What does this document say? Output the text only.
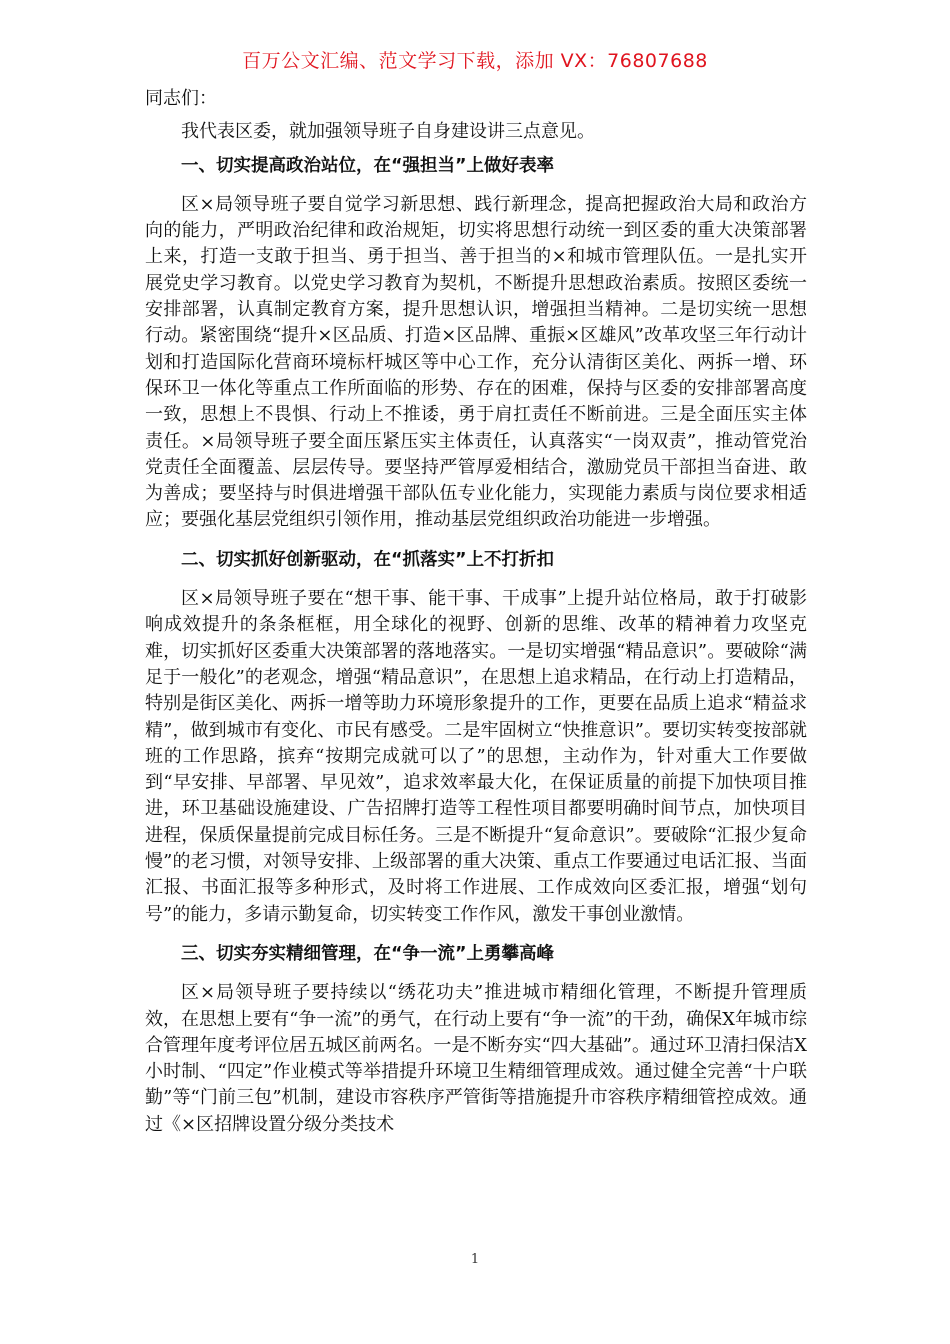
百万公文汇编、范文学习下载，添加 VX：76807688

同志们：

我代表区委，就加强领导班子自身建设讲三点意见。

一、切实提高政治站位，在“强担当”上做好表率

区×局领导班子要自觉学习新思想、践行新理念，提高把握政治大局和政治方向的能力，严明政治纪律和政治规矩，切实将思想行动统一到区委的重大决策部署上来，打造一支敢于担当、勇于担当、善于担当的×和城市管理队伍。一是扎实开展党史学习教育。以党史学习教育为契机，不断提升思想政治素质。按照区委统一安排部署，认真制定教育方案，提升思想认识，增强担当精神。二是切实统一思想行动。紧密围绕“提升×区品质、打造×区品牌、重振×区雄风”改革攻坚三年行动计划和打造国际化营商环境标杆城区等中心工作，充分认清街区美化、两拆一增、环保环卫一体化等重点工作所面临的形势、存在的困难，保持与区委的安排部署高度一致，思想上不畏惧、行动上不推诿，勇于肩扛责任不断前进。三是全面压实主体责任。×局领导班子要全面压紧压实主体责任，认真落实“一岗双责”，推动管党治党责任全面覆盖、层层传导。要坚持严管厚爱相结合，激励党员干部担当奋进、敢为善成；要坚持与时俱进增强干部队伍专业化能力，实现能力素质与岗位要求相适应；要强化基层党组织引领作用，推动基层党组织政治功能进一步增强。

二、切实抓好创新驱动，在“抓落实”上不打折扣

区×局领导班子要在“想干事、能干事、干成事”上提升站位格局，敢于打破影响成效提升的条条框框，用全球化的视野、创新的思维、改革的精神着力攻坚克难，切实抓好区委重大决策部署的落地落实。一是切实增强“精品意识”。要破除“满足于一般化”的老观念，增强“精品意识”，在思想上追求精品，在行动上打造精品，特别是街区美化、两拆一增等助力环境形象提升的工作，更要在品质上追求“精益求精”，做到城市有变化、市民有感受。二是牢固树立“快推意识”。要切实转变按部就班的工作思路，摈弃“按期完成就可以了”的思想，主动作为，针对重大工作要做到“早安排、早部署、早见效”，追求效率最大化，在保证质量的前提下加快项目推进，环卫基础设施建设、广告招牌打造等工程性项目都要明确时间节点，加快项目进程，保质保量提前完成目标任务。三是不断提升“复命意识”。要破除“汇报少复命慢”的老习惯，对领导安排、上级部署的重大决策、重点工作要通过电话汇报、当面汇报、书面汇报等多种形式，及时将工作进展、工作成效向区委汇报，增强“划句号”的能力，多请示勤复命，切实转变工作作风，激发干事创业激情。

三、切实夯实精细管理，在“争一流”上勇攀高峰

区×局领导班子要持续以“绣花功夫”推进城市精细化管理，不断提升管理质效，在思想上要有“争一流”的勇气，在行动上要有“争一流”的干劲，确保X年城市综合管理年度考评位居五城区前两名。一是不断夯实“四大基础”。通过环卫清扫保洁X小时制、“四定”作业模式等举措提升环境卫生精细管理成效。通过健全完善“十户联勤”等“门前三包”机制，建设市容秩序严管街等措施提升市容秩序精细管控成效。通过《×区招牌设置分级分类技术

1
